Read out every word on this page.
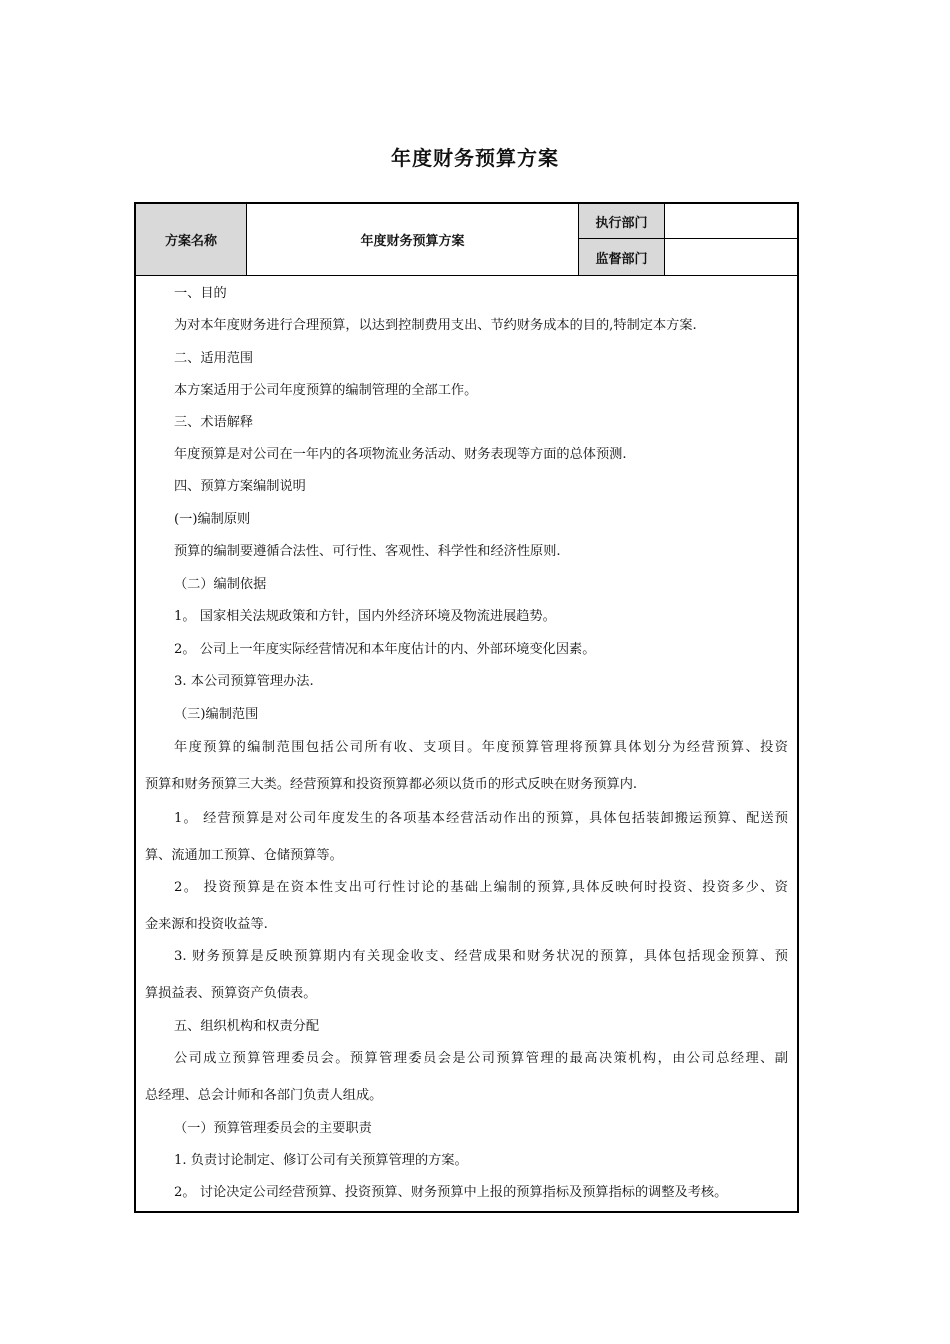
年度财务预算方案
方案名称	年度财务预算方案
执行部门
监督部门
一、目的
为对本年度财务进行合理预算，以达到控制费用支出、节约财务成本的目的,特制定本方案.
二、适用范围
本方案适用于公司年度预算的编制管理的全部工作。
三、术语解释
年度预算是对公司在一年内的各项物流业务活动、财务表现等方面的总体预测.
四、预算方案编制说明
(一)编制原则
预算的编制要遵循合法性、可行性、客观性、科学性和经济性原则.
（二）编制依据
1。 国家相关法规政策和方针，国内外经济环境及物流进展趋势。
2。 公司上一年度实际经营情况和本年度估计的内、外部环境变化因素。
3. 本公司预算管理办法.
（三)编制范围
年度预算的编制范围包括公司所有收、支项目。年度预算管理将预算具体划分为经营预算、投资
预算和财务预算三大类。经营预算和投资预算都必须以货币的形式反映在财务预算内.
1。 经营预算是对公司年度发生的各项基本经营活动作出的预算，具体包括装卸搬运预算、配送预
算、流通加工预算、仓储预算等。
2。 投资预算是在资本性支出可行性讨论的基础上编制的预算,具体反映何时投资、投资多少、资
金来源和投资收益等.
3. 财务预算是反映预算期内有关现金收支、经营成果和财务状况的预算，具体包括现金预算、预
算损益表、预算资产负债表。
五、组织机构和权责分配
公司成立预算管理委员会。预算管理委员会是公司预算管理的最高决策机构，由公司总经理、副
总经理、总会计师和各部门负责人组成。
（一）预算管理委员会的主要职责
1. 负责讨论制定、修订公司有关预算管理的方案。
2。 讨论决定公司经营预算、投资预算、财务预算中上报的预算指标及预算指标的调整及考核。
